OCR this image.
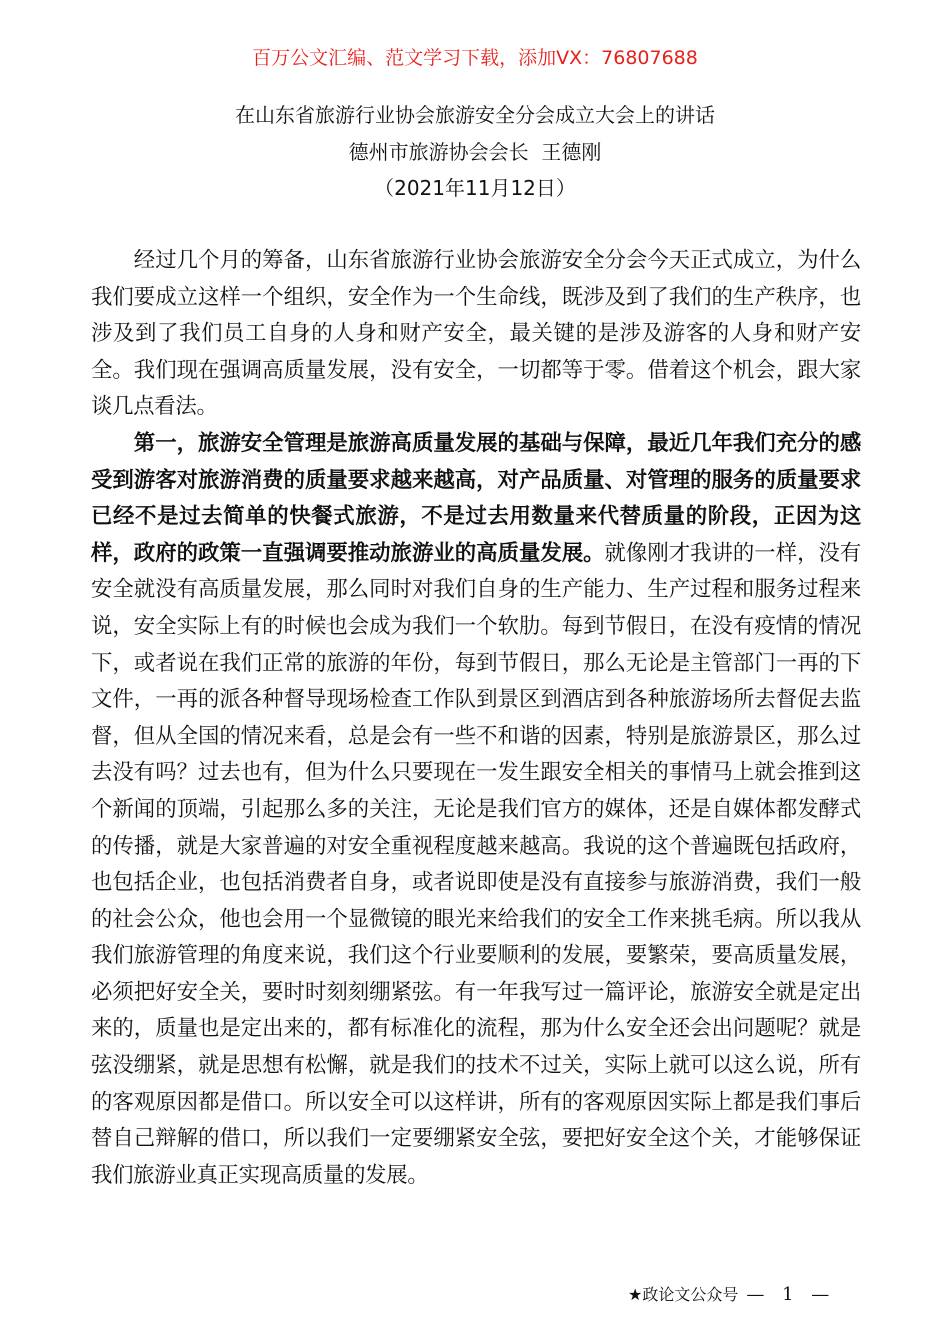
百万公文汇编、范文学习下载，添加VX：76807688
在山东省旅游行业协会旅游安全分会成立大会上的讲话
德州市旅游协会会长  王德刚
（2021年11月12日）

经过几个月的筹备，山东省旅游行业协会旅游安全分会今天正式成立，为什么我们要成立这样一个组织，安全作为一个生命线，既涉及到了我们的生产秩序，也涉及到了我们员工自身的人身和财产安全，最关键的是涉及游客的人身和财产安全。我们现在强调高质量发展，没有安全，一切都等于零。借着这个机会，跟大家谈几点看法。

第一，旅游安全管理是旅游高质量发展的基础与保障，最近几年我们充分的感受到游客对旅游消费的质量要求越来越高，对产品质量、对管理的服务的质量要求已经不是过去简单的快餐式旅游，不是过去用数量来代替质量的阶段，正因为这样，政府的政策一直强调要推动旅游业的高质量发展。就像刚才我讲的一样，没有安全就没有高质量发展，那么同时对我们自身的生产能力、生产过程和服务过程来说，安全实际上有的时候也会成为我们一个软肋。每到节假日，在没有疫情的情况下，或者说在我们正常的旅游的年份，每到节假日，那么无论是主管部门一再的下文件，一再的派各种督导现场检查工作队到景区到酒店到各种旅游场所去督促去监督，但从全国的情况来看，总是会有一些不和谐的因素，特别是旅游景区，那么过去没有吗？过去也有，但为什么只要现在一发生跟安全相关的事情马上就会推到这个新闻的顶端，引起那么多的关注，无论是我们官方的媒体，还是自媒体都发酵式的传播，就是大家普遍的对安全重视程度越来越高。我说的这个普遍既包括政府，也包括企业，也包括消费者自身，或者说即使是没有直接参与旅游消费，我们一般的社会公众，他也会用一个显微镜的眼光来给我们的安全工作来挑毛病。所以我从我们旅游管理的角度来说，我们这个行业要顺利的发展，要繁荣，要高质量发展，必须把好安全关，要时时刻刻绷紧弦。有一年我写过一篇评论，旅游安全就是定出来的，质量也是定出来的，都有标准化的流程，那为什么安全还会出问题呢？就是弦没绷紧，就是思想有松懈，就是我们的技术不过关，实际上就可以这么说，所有的客观原因都是借口。所以安全可以这样讲，所有的客观原因实际上都是我们事后替自己辩解的借口，所以我们一定要绷紧安全弦，要把好安全这个关，才能够保证我们旅游业真正实现高质量的发展。

★政论文公众号 — 1 —
